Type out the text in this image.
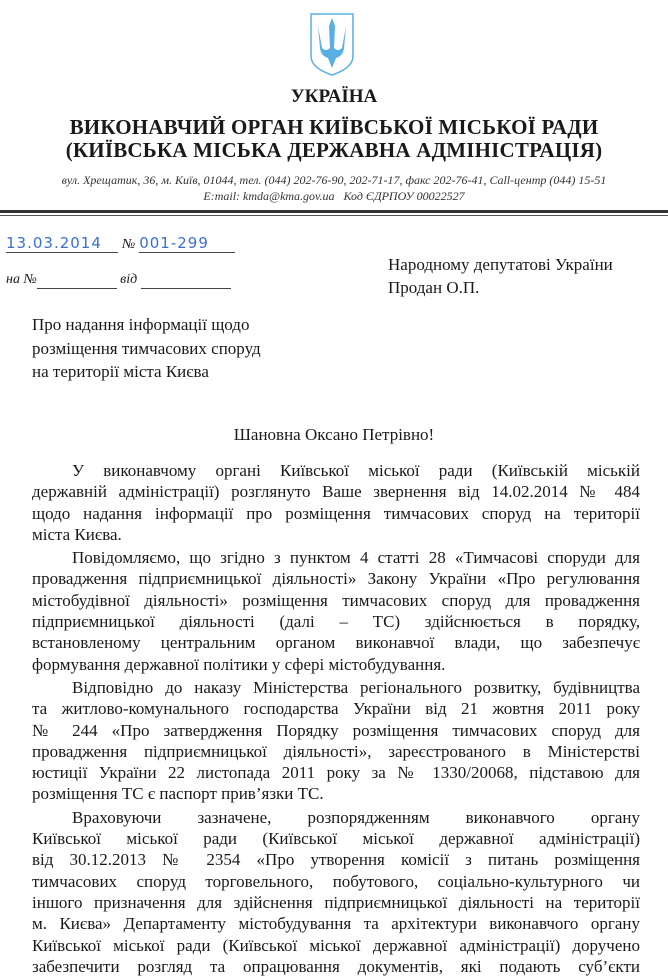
УКРАЇНА
ВИКОНАВЧИЙ ОРГАН КИЇВСЬКОЇ МІСЬКОЇ РАДИ
(КИЇВСЬКА МІСЬКА ДЕРЖАВНА АДМІНІСТРАЦІЯ)
вул. Хрещатик, 36, м. Київ, 01044, тел. (044) 202-76-90, 202-71-17, факс 202-76-41, Call-центр (044) 15-51
E:mail: kmda@kma.gov.ua   Код ЄДРПОУ 00022527
13.03.2014 № 001-299
на №	від
Народному депутатові України
Продан О.П.
Про надання інформації щодо
розміщення тимчасових споруд
на території міста Києва
Шановна Оксано Петрівно!
У виконавчому органі Київської міської ради (Київській міській
державній адміністрації) розглянуто Ваше звернення від 14.02.2014 № 484
щодо надання інформації про розміщення тимчасових споруд на території
міста Києва.
Повідомляємо, що згідно з пунктом 4 статті 28 «Тимчасові споруди для
провадження підприємницької діяльності» Закону України «Про регулювання
містобудівної діяльності» розміщення тимчасових споруд для провадження
підприємницької діяльності (далі – ТС) здійснюється в порядку,
встановленому центральним органом виконавчої влади, що забезпечує
формування державної політики у сфері містобудування.
Відповідно до наказу Міністерства регіонального розвитку, будівництва
та житлово-комунального господарства України від 21 жовтня 2011 року
№ 244 «Про затвердження Порядку розміщення тимчасових споруд для
провадження підприємницької діяльності», зареєстрованого в Міністерстві
юстиції України 22 листопада 2011 року за № 1330/20068, підставою для
розміщення ТС є паспорт прив’язки ТС.
Враховуючи зазначене, розпорядженням виконавчого органу
Київської міської ради (Київської міської державної адміністрації)
від 30.12.2013 № 2354 «Про утворення комісії з питань розміщення
тимчасових споруд торговельного, побутового, соціально-культурного чи
іншого призначення для здійснення підприємницької діяльності на території
м. Києва» Департаменту містобудування та архітектури виконавчого органу
Київської міської ради (Київської міської державної адміністрації) доручено
забезпечити розгляд та опрацювання документів, які подають суб’єкти
